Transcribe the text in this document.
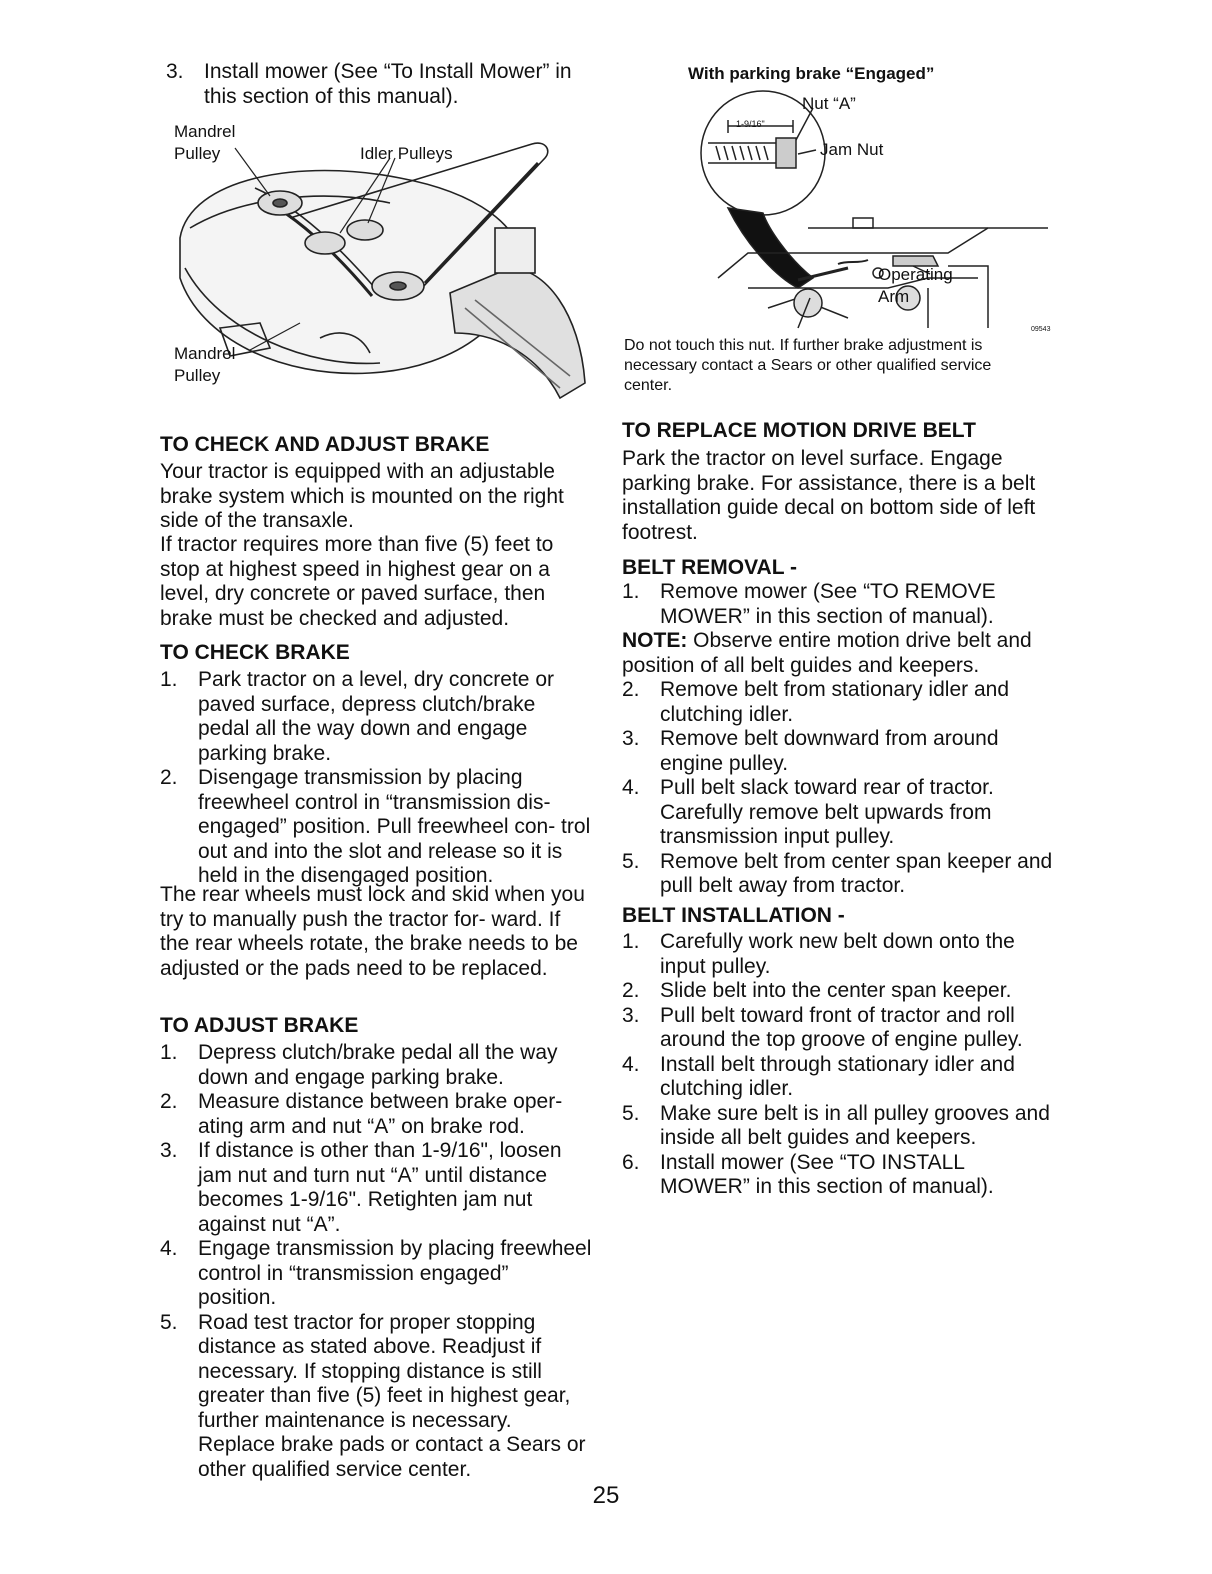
3. Install mower (See “To Install Mower” in this section of this manual).
Mandrel
Pulley	Idler Pulleys
Mandrel
Pulley
TO CHECK AND ADJUST BRAKE

Your tractor is equipped with an adjustable brake system which is mounted on the right side of the transaxle.

If tractor requires more than five (5) feet to stop at highest speed in highest gear on a level, dry concrete or paved surface, then brake must be checked and adjusted.

TO CHECK BRAKE
1. Park tractor on a level, dry concrete or paved surface, depress clutch/brake pedal all the way down and engage parking brake.
2. Disengage transmission by placing freewheel control in “transmission dis- engaged” position. Pull freewheel con- trol out and into the slot and release so it is held in the disengaged position.

The rear wheels must lock and skid when you try to manually push the tractor for- ward. If the rear wheels rotate, the brake needs to be adjusted or the pads need to be replaced.

TO ADJUST BRAKE
1. Depress clutch/brake pedal all the way down and engage parking brake.
2. Measure distance between brake oper- ating arm and nut “A” on brake rod.
3. If distance is other than 1-9/16", loosen jam nut and turn nut “A” until distance becomes 1-9/16". Retighten jam nut against nut “A”.
4. Engage transmission by placing freewheel control in “transmission engaged” position.
5. Road test tractor for proper stopping distance as stated above. Readjust if necessary. If stopping distance is still greater than five (5) feet in highest gear, further maintenance is necessary. Replace brake pads or contact a Sears or other qualified service center.
With parking brake “Engaged”
Nut “A”
1-9/16"
Jam Nut
Operating
Arm
09543

Do not touch this nut. If further brake adjustment is necessary contact a Sears or other qualified service center.

TO REPLACE MOTION DRIVE BELT

Park the tractor on level surface. Engage parking brake. For assistance, there is a belt installation guide decal on bottom side of left footrest.

BELT REMOVAL -
1. Remove mower (See “TO REMOVE MOWER” in this section of manual).

NOTE: Observe entire motion drive belt and position of all belt guides and keepers.

2. Remove belt from stationary idler and clutching idler.
3. Remove belt downward from around engine pulley.
4. Pull belt slack toward rear of tractor. Carefully remove belt upwards from transmission input pulley.
5. Remove belt from center span keeper and pull belt away from tractor.
BELT INSTALLATION -
1. Carefully work new belt down onto the input pulley.
2. Slide belt into the center span keeper.
3. Pull belt toward front of tractor and roll around the top groove of engine pulley.
4. Install belt through stationary idler and clutching idler.
5. Make sure belt is in all pulley grooves and inside all belt guides and keepers.
6. Install mower (See “TO INSTALL MOWER” in this section of manual).
25
